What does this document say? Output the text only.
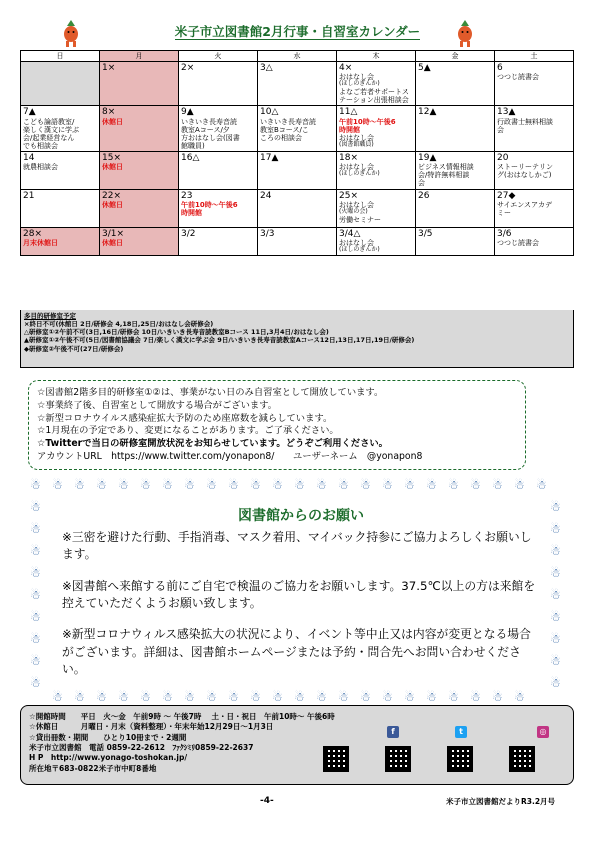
米子市立図書館2月行事・自習室カレンダー
日	月	火	水	木	金	土

	1×	2×	3△	4×
おはなし会
(ほしのぎんか)
よなご若者サポートス
テーション出張相談会	5▲	6
つつじ読書会

7▲
こども論語教室/
楽しく漢文に学ぶ
会/起業経営なん
でも相談会	8×
休館日	9▲
いきいき長寿音読
教室Aコース/夕
方おはなし会(図書
館職員)	10△
いきいき長寿音読
教室Bコース/こ
ころの相談会	11△
午前10時～午後6
時開館
おはなし会
(図書館職員)	12▲	13▲
行政書士無料相談
会

14
就農相談会	15×
休館日	16△	17▲	18×
おはなし会
(ほしのぎんか)	19▲
ビジネス情報相談
会/特許無料相談
会	20
ストーリーテリン
グ(おはなしかご)

21	22×
休館日	23
午前10時～午後6
時開館	24	25×
おはなし会
(火曜の会)
労働セミナー	26	27◆
サイエンスアカデ
ミー

28×
月末休館日	3/1×
休館日	3/2	3/3	3/4△
おはなし会
(ほしのぎんか)	3/5	3/6
つつじ読書会
多目的研修室予定
×終日不可(休館日 2日/研修会 4,18日,25日/おはなし会研修会)
△研修室①②午前不可(3日,16日/研修会 10日/いきいき長寿音読教室Bコース 11日,3月4日/おはなし会)
▲研修室①②午後不可(5日/図書館協議会 7日/楽しく漢文に学ぶ会 9日/いきいき長寿音読教室Aコース12日,13日,17日,19日/研修会)
◆研修室②午後不可(27日/研修会)
☆図書館2階多目的研修室①②は、事業がない日のみ自習室として開放しています。
☆事業終了後、自習室として開放する場合がございます。
☆新型コロナウイルス感染症拡大予防のため座席数を減らしています。
☆1月現在の予定であり、変更になることがあります。ご了承ください。
☆Twitterで当日の研修室開放状況をお知らせしています。どうぞご利用ください。
アカウントURL　https://www.twitter.com/yonapon8/　　ユーザーネーム　@yonapon8
☃ ☃ ☃ ☃ ☃ ☃ ☃ ☃ ☃ ☃ ☃ ☃ ☃ ☃ ☃ ☃ ☃ ☃ ☃ ☃ ☃ ☃ ☃ ☃
☃	☃
☃	☃
☃	☃
☃	☃
☃	☃
☃	☃
☃	☃
☃	☃
☃	☃
☃ ☃ ☃ ☃ ☃ ☃ ☃ ☃ ☃ ☃ ☃ ☃ ☃ ☃ ☃ ☃ ☃ ☃ ☃ ☃ ☃ ☃
図書館からのお願い

※三密を避けた行動、手指消毒、マスク着用、マイバック持参にご協力よろしくお願いします。

※図書館へ来館する前にご自宅で検温のご協力をお願いします。37.5℃以上の方は来館を控えていただくようお願い致します。

※新型コロナウィルス感染拡大の状況により、イベント等中止又は内容が変更となる場合がございます。詳細は、図書館ホームページまたは予約・問合先へお問い合わせください。

☆開館時間　　平日　火～金　午前9時 ～ 午後7時　 土・日・祝日　午前10時～ 午後6時
☆休館日　　　月曜日・月末（資料整理）・年末年始12月29日～1月3日
☆貸出冊数・期間　　ひとり10冊まで・2週間
米子市立図書館　電話 0859-22-2612　ﾌｧｸｼﾐﾘ0859-22-2637
H P　http://www.yonago-toshokan.jp/
所在地〒683-0822米子市中町8番地
f	t	◎
-4-	米子市立図書館だよりR3.2月号
